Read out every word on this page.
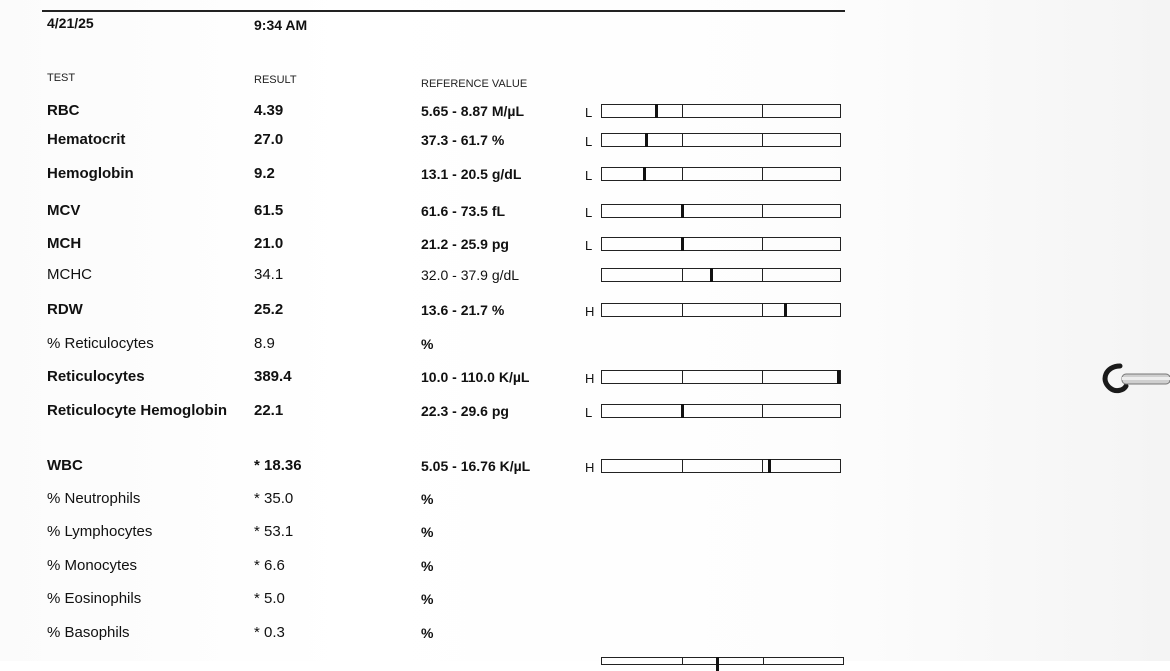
4/21/25	9:34 AM
TEST	RESULT	REFERENCE VALUE
RBC	4.39	5.65 - 8.87 M/µL	L
Hematocrit	27.0	37.3 - 61.7 %	L
Hemoglobin	9.2	13.1 - 20.5 g/dL	L
MCV	61.5	61.6 - 73.5 fL	L
MCH	21.0	21.2 - 25.9 pg	L
MCHC	34.1	32.0 - 37.9 g/dL
RDW	25.2	13.6 - 21.7 %	H
% Reticulocytes	8.9	%
Reticulocytes	389.4	10.0 - 110.0 K/µL	H
Reticulocyte Hemoglobin	22.1	22.3 - 29.6 pg	L
WBC	* 18.36	5.05 - 16.76 K/µL	H
% Neutrophils	* 35.0	%
% Lymphocytes	* 53.1	%
% Monocytes	* 6.6	%
% Eosinophils	* 5.0	%
% Basophils	* 0.3	%
